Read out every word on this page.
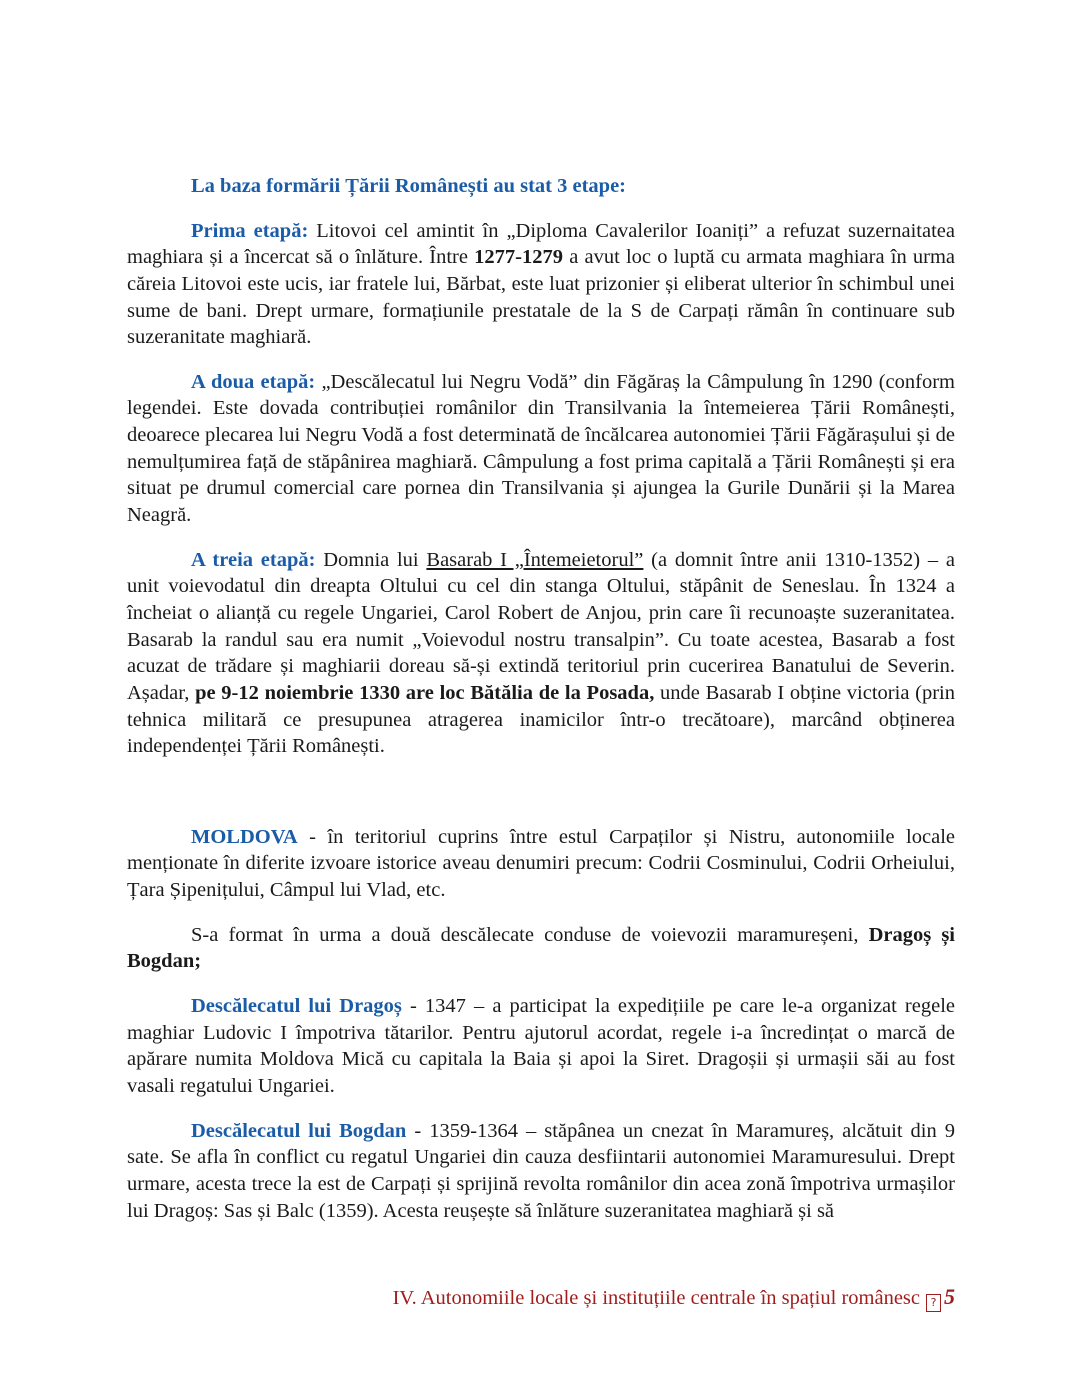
La baza formării Țării Românești au stat 3 etape:

Prima etapă: Litovoi cel amintit în „Diploma Cavalerilor Ioaniți” a refuzat suzernaitatea maghiara și a încercat să o înlăture. Între 1277-1279 a avut loc o luptă cu armata maghiara în urma căreia Litovoi este ucis, iar fratele lui, Bărbat, este luat prizonier și eliberat ulterior în schimbul unei sume de bani. Drept urmare, formațiunile prestatale de la S de Carpați rămân în continuare sub suzeranitate maghiară.

A doua etapă: „Descălecatul lui Negru Vodă” din Făgăraș la Câmpulung în 1290 (conform legendei. Este dovada contribuției românilor din Transilvania la întemeierea Țării Românești, deoarece plecarea lui Negru Vodă a fost determinată de încălcarea autonomiei Țării Făgărașului și de nemulțumirea față de stăpânirea maghiară. Câmpulung a fost prima capitală a Țării Românești și era situat pe drumul comercial care pornea din Transilvania și ajungea la Gurile Dunării și la Marea Neagră.

A treia etapă: Domnia lui Basarab I „Întemeietorul” (a domnit între anii 1310-1352) – a unit voievodatul din dreapta Oltului cu cel din stanga Oltului, stăpânit de Seneslau. În 1324 a încheiat o alianță cu regele Ungariei, Carol Robert de Anjou, prin care îi recunoaște suzeranitatea. Basarab la randul sau era numit „Voievodul nostru transalpin”. Cu toate acestea, Basarab a fost acuzat de trădare și maghiarii doreau să-și extindă teritoriul prin cucerirea Banatului de Severin. Așadar, pe 9-12 noiembrie 1330 are loc Bătălia de la Posada, unde Basarab I obține victoria (prin tehnica militară ce presupunea atragerea inamicilor într-o trecătoare), marcând obținerea independenței Țării Românești.

MOLDOVA - în teritoriul cuprins între estul Carpaților și Nistru, autonomiile locale menționate în diferite izvoare istorice aveau denumiri precum: Codrii Cosminului, Codrii Orheiului, Țara Șipenițului, Câmpul lui Vlad, etc.

S-a format în urma a două descălecate conduse de voievozii maramureșeni, Dragoș și Bogdan;

Descălecatul lui Dragoș - 1347 – a participat la expedițiile pe care le-a organizat regele maghiar Ludovic I împotriva tătarilor. Pentru ajutorul acordat, regele i-a încredințat o marcă de apărare numita Moldova Mică cu capitala la Baia și apoi la Siret. Dragoșii și urmașii săi au fost vasali regatului Ungariei.

Descălecatul lui Bogdan - 1359-1364 – stăpânea un cnezat în Maramureș, alcătuit din 9 sate. Se afla în conflict cu regatul Ungariei din cauza desfiintarii autonomiei Maramuresului. Drept urmare, acesta trece la est de Carpați și sprijină revolta românilor din acea zonă împotriva urmașilor lui Dragoș: Sas și Balc (1359). Acesta reușește să înlăture suzeranitatea maghiară și să

IV. Autonomiile locale și instituțiile centrale în spațiul românesc ? 5
